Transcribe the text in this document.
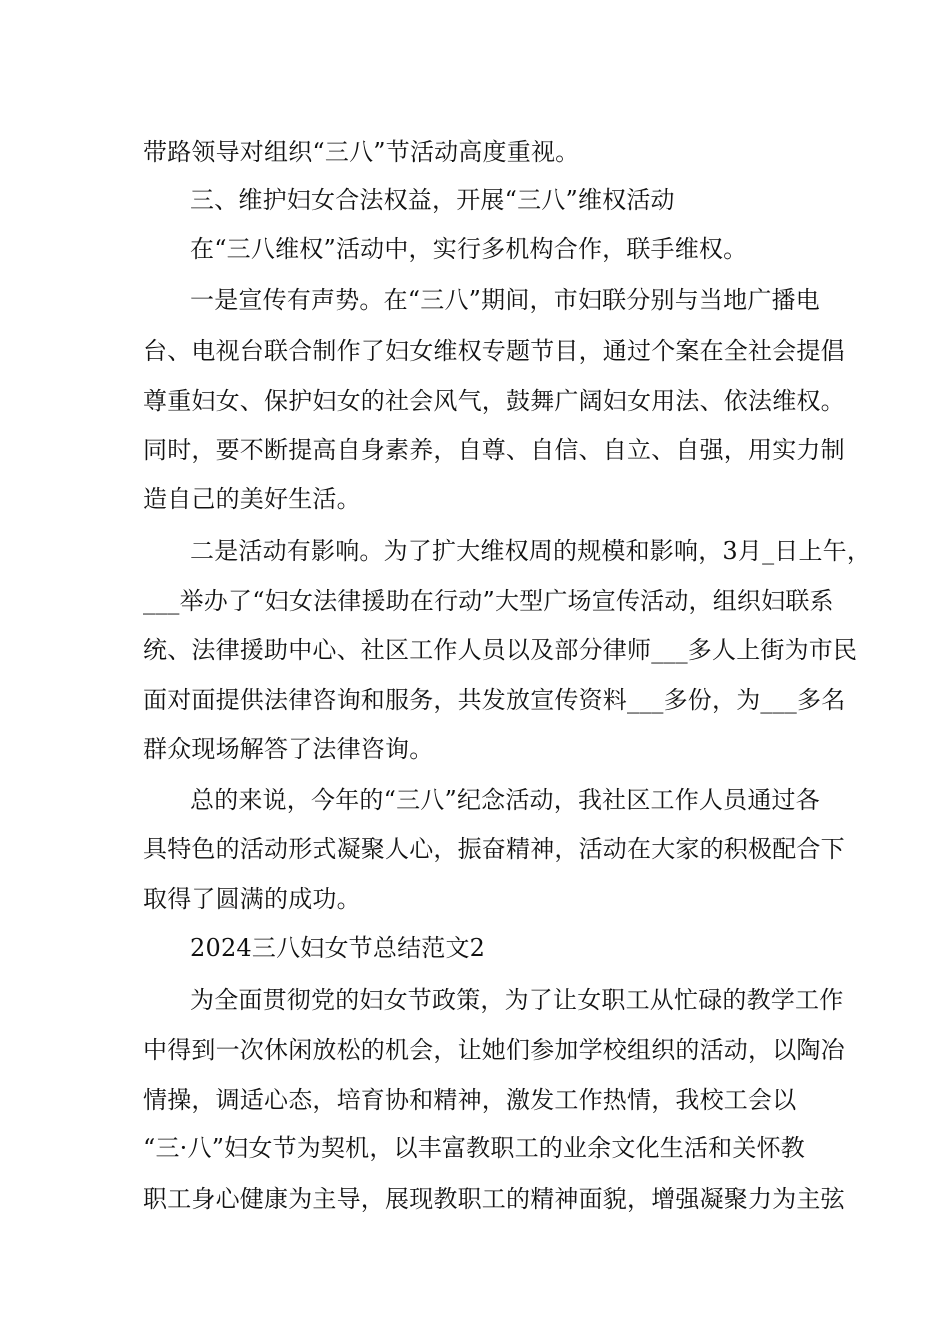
带路领导对组织“三八”节活动高度重视。
三、维护妇女合法权益，开展“三八”维权活动
在“三八维权”活动中，实行多机构合作，联手维权。
一是宣传有声势。在“三八”期间，市妇联分别与当地广播电
台、电视台联合制作了妇女维权专题节目，通过个案在全社会提倡
尊重妇女、保护妇女的社会风气，鼓舞广阔妇女用法、依法维权。
同时，要不断提高自身素养，自尊、自信、自立、自强，用实力制
造自己的美好生活。
二是活动有影响。为了扩大维权周的规模和影响，3月_日上午，
___举办了“妇女法律援助在行动”大型广场宣传活动，组织妇联系
统、法律援助中心、社区工作人员以及部分律师___多人上街为市民
面对面提供法律咨询和服务，共发放宣传资料___多份，为___多名
群众现场解答了法律咨询。
总的来说，今年的“三八”纪念活动，我社区工作人员通过各
具特色的活动形式凝聚人心，振奋精神，活动在大家的积极配合下
取得了圆满的成功。
2024三八妇女节总结范文2
为全面贯彻党的妇女节政策，为了让女职工从忙碌的教学工作
中得到一次休闲放松的机会，让她们参加学校组织的活动，以陶冶
情操，调适心态，培育协和精神，激发工作热情，我校工会以
“三·八”妇女节为契机，以丰富教职工的业余文化生活和关怀教
职工身心健康为主导，展现教职工的精神面貌，增强凝聚力为主弦
